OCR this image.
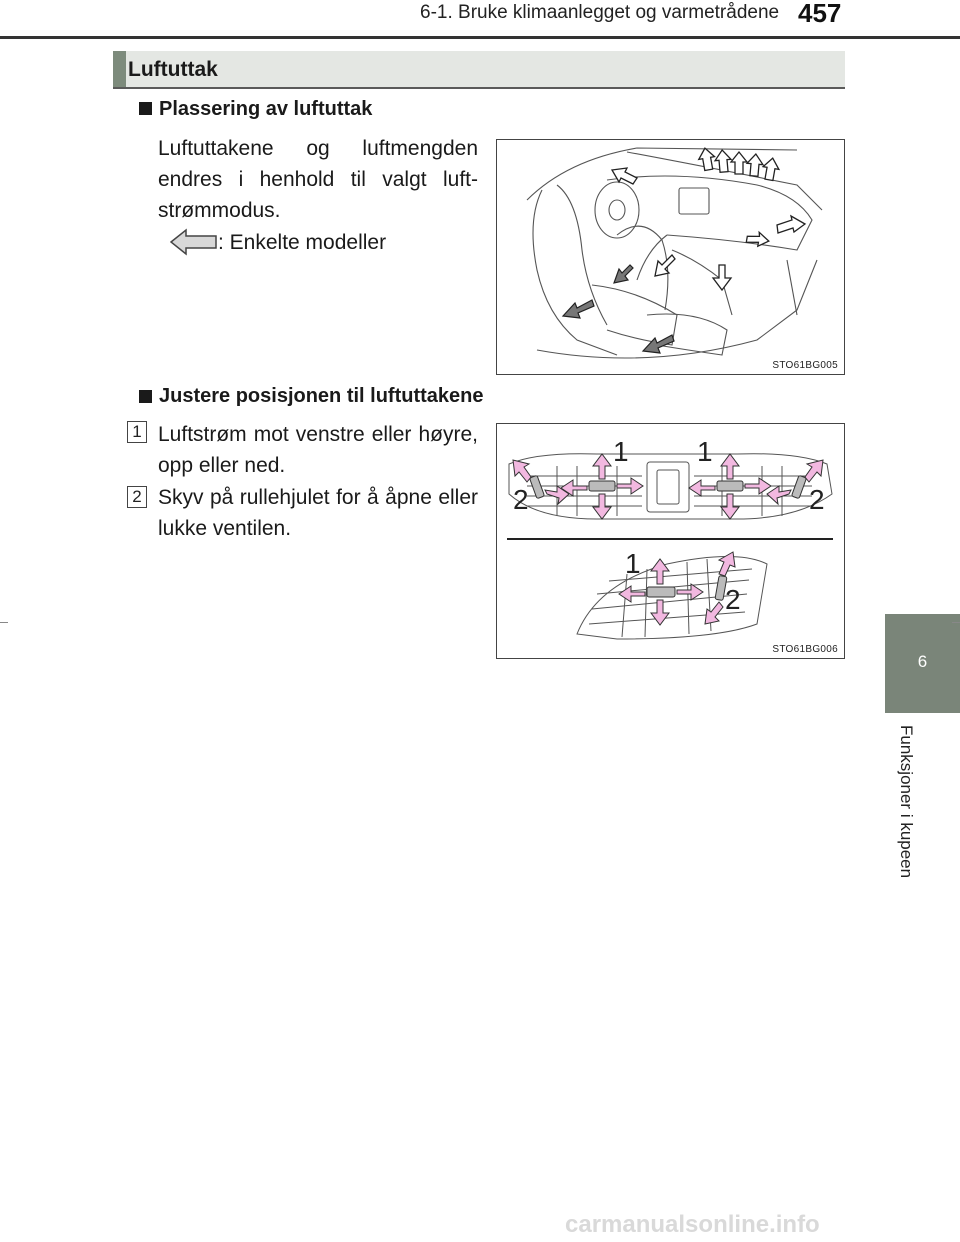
6-1. Bruke klimaanlegget og varmetrådene 457
Luftuttak
Plassering av luftuttak
Luftuttakene og luftmengden endres i henhold til valgt luft-strømmodus.
: Enkelte modeller
STO61BG005
Justere posisjonen til luftuttakene
1 Luftstrøm mot venstre eller høyre, opp eller ned.
2 Skyv på rullehjulet for å åpne eller lukke ventilen.
1 1
2	2
1
2
STO61BG006
6
Funksjoner i kupeen
carmanualsonline.info
